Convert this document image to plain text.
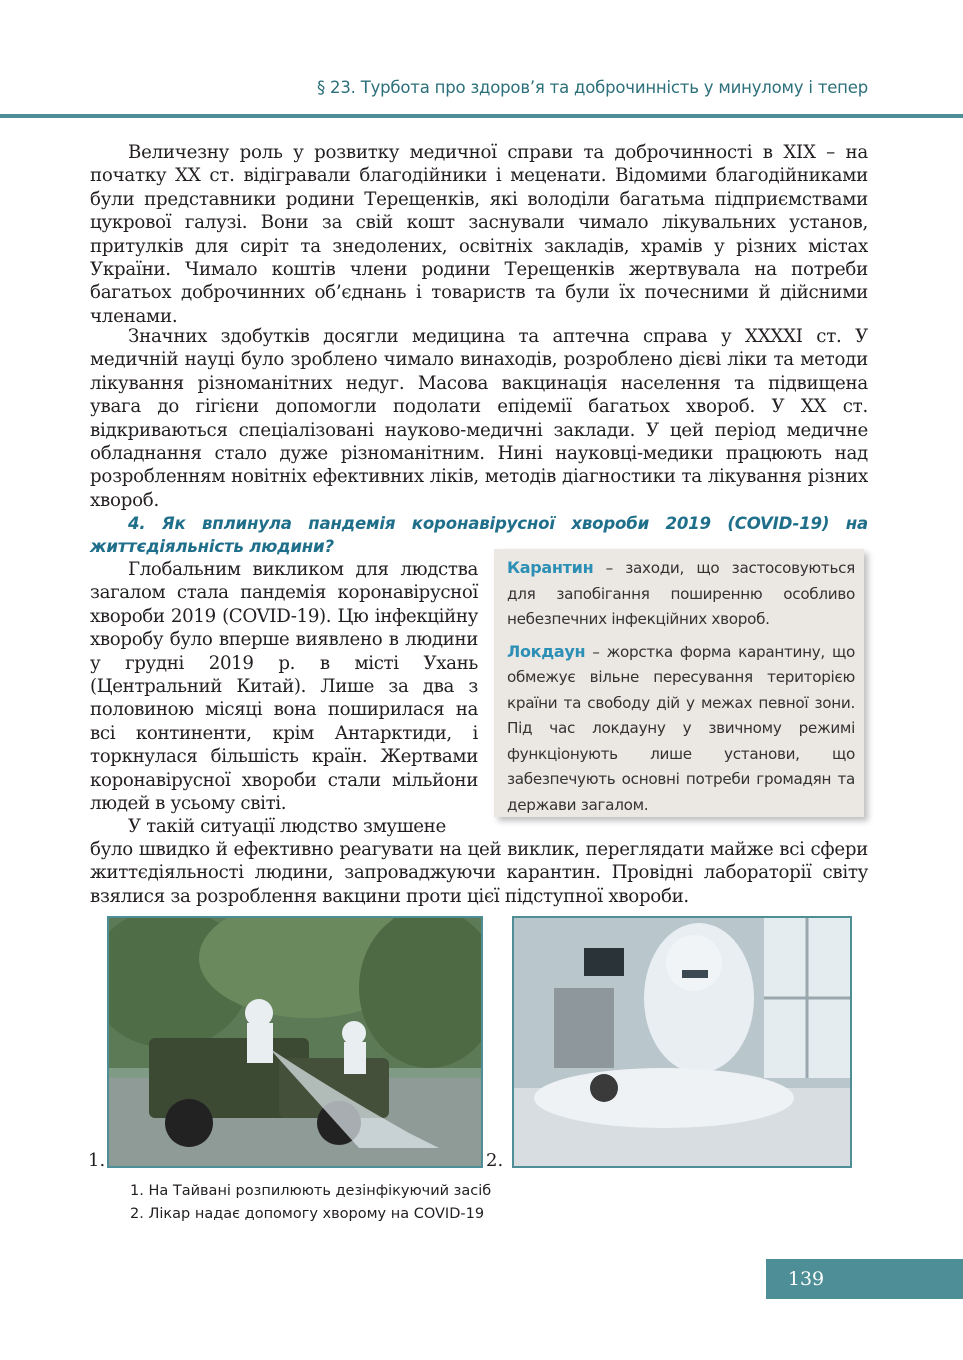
§ 23. Турбота про здоров’я та доброчинність у минулому і тепер

Величезну роль у розвитку медичної справи та доброчинності в ХІХ – на початку ХХ ст. відігравали благодійники і меценати. Відомими благодійниками були представники родини Терещенків, які володіли багатьма підприємствами цукрової галузі. Вони за свій кошт заснували чимало лікувальних установ, притулків для сиріт та знедолених, освітніх закладів, храмів у різних містах України. Чимало коштів члени родини Терещенків жертвувала на потреби багатьох доброчинних об’єднань і товариств та були їх почесними й дійсними членами.

Значних здобутків досягли медицина та аптечна справа у ХХХXІ ст. У медичній науці було зроблено чимало винаходів, розроблено дієві ліки та методи лікування різноманітних недуг. Масова вакцинація населення та підвищена увага до гігієни допомогли подолати епідемії багатьох хвороб. У ХХ ст. відкриваються спеціалізовані науково-медичні заклади. У цей період медичне обладнання стало дуже різноманітним. Нині науковці-медики працюють над розробленням новітніх ефективних ліків, методів діагностики та лікування різних хвороб.

4. Як вплинула пандемія коронавірусної хвороби 2019 (COVID-19) на життєдіяльність людини?

Глобальним викликом для людства загалом стала пандемія коронавірусної хвороби 2019 (COVID-19). Цю інфекційну хворобу було вперше виявлено в людини у грудні 2019 р. в місті Ухань (Центральний Китай). Лише за два з половиною місяці вона поширилася на всі континенти, крім Антарктиди, і торкнулася більшість країн. Жертвами коронавірусної хвороби стали мільйони людей в усьому світі.

У такій ситуації людство змушене

було швидко й ефективно реагувати на цей виклик, переглядати майже всі сфери життєдіяльності людини, запроваджуючи карантин. Провідні лабораторії світу взялися за розроблення вакцини проти цієї підступної хвороби.

Карантин – заходи, що застосовуються для запобігання поширенню особливо небезпечних інфекційних хвороб.

Локдаун – жорстка форма карантину, що обмежує вільне пересування територією країни та свободу дій у межах певної зони. Під час локдауну у звичному режимі функціонують лише установи, що забезпечують основні потреби громадян та держави загалом.

1.	2.
1. На Тайвані розпилюють дезінфікуючий засіб
2. Лікар надає допомогу хворому на COVID-19
139
